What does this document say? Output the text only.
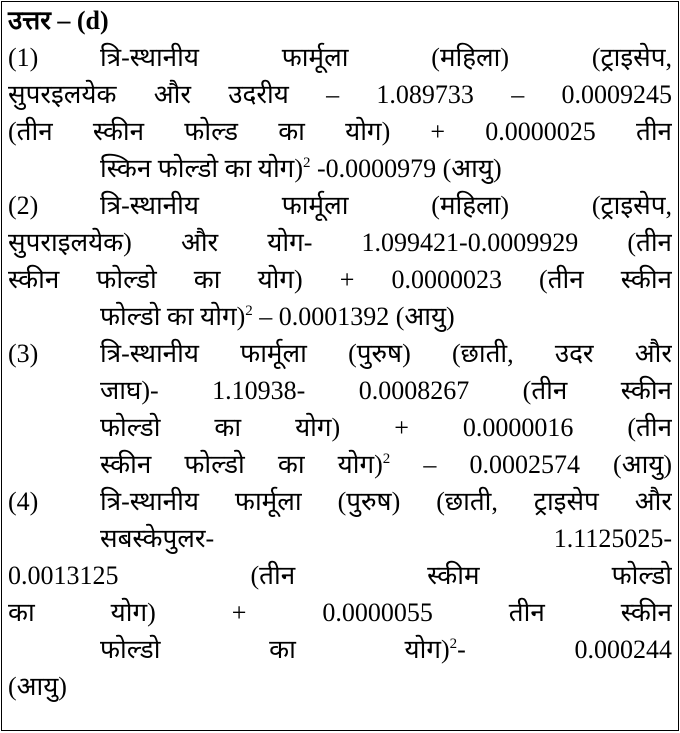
उत्तर – (d)
(1) त्रि-स्थानीय फार्मूला (महिला) (ट्राइसेप,
सुपरइलयेक और उदरीय – 1.089733 – 0.0009245
(तीन स्कीन फोल्ड का योग) + 0.0000025 तीन
स्किन फोल्डो का योग)$^2$ -0.0000979 (आयु)
(2) त्रि-स्थानीय फार्मूला (महिला) (ट्राइसेप,
सुपराइलयेक) और योग- 1.099421-0.0009929 (तीन
स्कीन फोल्डो का योग) + 0.0000023 (तीन स्कीन
फोल्डो का योग)$^2$ – 0.0001392 (आयु)
(3) त्रि-स्थानीय फार्मूला (पुरुष) (छाती, उदर और
जाघ)- 1.10938- 0.0008267 (तीन स्कीन
फोल्डो का योग) + 0.0000016 (तीन
स्कीन फोल्डो का योग)$^2$ – 0.0002574 (आयु)
(4) त्रि-स्थानीय फार्मूला (पुरुष) (छाती, ट्राइसेप और
सबस्केपुलर- 1.1125025-
0.0013125 (तीन स्कीम फोल्डो
का योग) + 0.0000055 तीन स्कीन
फोल्डो का योग)$^2$- 0.000244
(आयु)
